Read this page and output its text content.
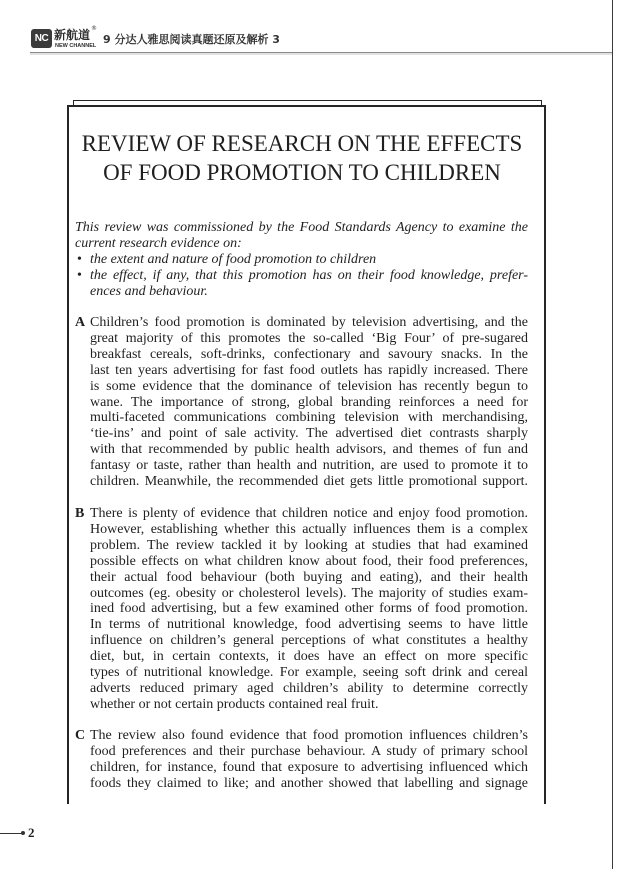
NC 新航道 ®
NEW CHANNEL 9 分达人雅思阅读真题还原及解析 3
REVIEW OF RESEARCH ON THE EFFECTS
OF FOOD PROMOTION TO CHILDREN
This review was commissioned by the Food Standards Agency to examine the
current research evidence on:
• the extent and nature of food promotion to children
• the effect, if any, that this promotion has on their food knowledge, prefer-
ences and behaviour.
A Children’s food promotion is dominated by television advertising, and the
great majority of this promotes the so-called ‘Big Four’ of pre-sugared
breakfast cereals, soft-drinks, confectionary and savoury snacks. In the
last ten years advertising for fast food outlets has rapidly increased. There
is some evidence that the dominance of television has recently begun to
wane. The importance of strong, global branding reinforces a need for
multi-faceted communications combining television with merchandising,
‘tie-ins’ and point of sale activity. The advertised diet contrasts sharply
with that recommended by public health advisors, and themes of fun and
fantasy or taste, rather than health and nutrition, are used to promote it to
children. Meanwhile, the recommended diet gets little promotional support.
B There is plenty of evidence that children notice and enjoy food promotion.
However, establishing whether this actually influences them is a complex
problem. The review tackled it by looking at studies that had examined
possible effects on what children know about food, their food preferences,
their actual food behaviour (both buying and eating), and their health
outcomes (eg. obesity or cholesterol levels). The majority of studies exam-
ined food advertising, but a few examined other forms of food promotion.
In terms of nutritional knowledge, food advertising seems to have little
influence on children’s general perceptions of what constitutes a healthy
diet, but, in certain contexts, it does have an effect on more specific
types of nutritional knowledge. For example, seeing soft drink and cereal
adverts reduced primary aged children’s ability to determine correctly
whether or not certain products contained real fruit.
C The review also found evidence that food promotion influences children’s
food preferences and their purchase behaviour. A study of primary school
children, for instance, found that exposure to advertising influenced which
foods they claimed to like; and another showed that labelling and signage
2
